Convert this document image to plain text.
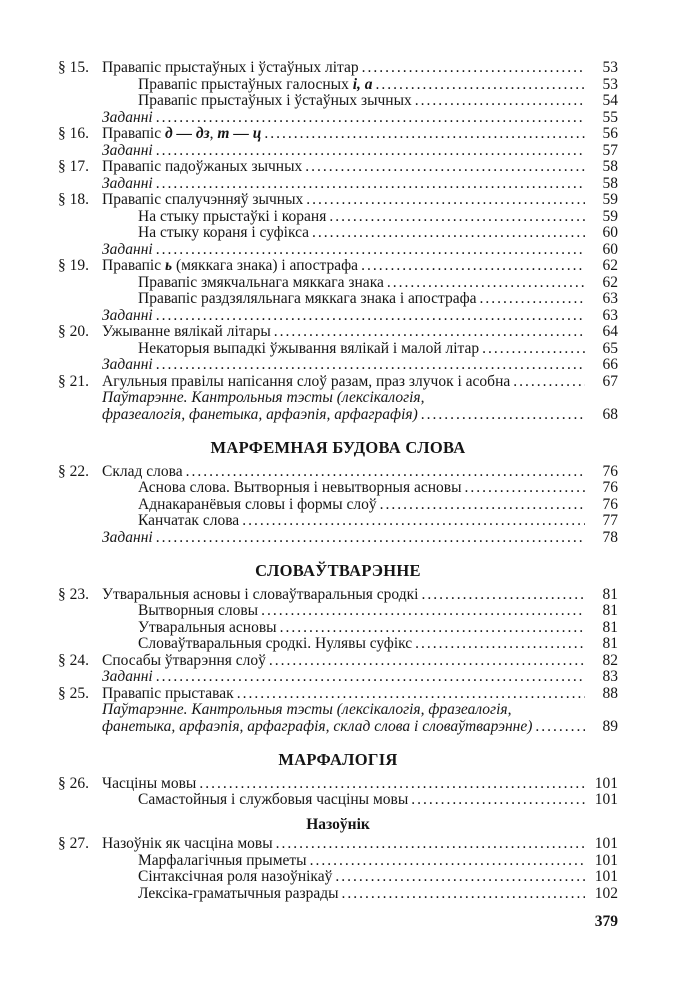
§ 15. Правапіс прыстаўных і ўстаўных літар .....	53
Правапіс прыстаўных галосных і, а .....	53
Правапіс прыстаўных і ўстаўных зычных .....	54
Заданні .....	55
§ 16. Правапіс д — дз, т — ц .....	56
Заданні .....	57
§ 17. Правапіс падоўжаных зычных .....	58
Заданні .....	58
§ 18. Правапіс спалучэнняў зычных .....	59
На стыку прыстаўкі і кораня .....	59
На стыку кораня і суфікса .....	60
Заданні .....	60
§ 19. Правапіс ь (мяккага знака) і апострафа .....	62
Правапіс змякчальнага мяккага знака .....	62
Правапіс раздзяляльнага мяккага знака і апострафа .....	63
Заданні .....	63
§ 20. Ужыванне вялікай літары .....	64
Некаторыя выпадкі ўжывання вялікай і малой літар .....	65
Заданні .....	66
§ 21. Агульныя правілы напісання слоў разам, праз злучок і асобна .....	67
Паўтарэнне. Кантрольныя тэсты (лексікалогія,
фразеалогія, фанетыка, арфаэпія, арфаграфія) .....	68
МАРФЕМНАЯ БУДОВА СЛОВА
§ 22. Склад слова .....	76
Аснова слова. Вытворныя і невытворныя асновы .....	76
Аднакаранёвыя словы і формы слоў .....	76
Канчатак слова .....	77
Заданні .....	78
СЛОВАЎТВАРЭННЕ
§ 23. Утваральныя асновы і словаўтваральныя сродкі .....	81
Вытворныя словы .....	81
Утваральныя асновы .....	81
Словаўтваральныя сродкі. Нулявы суфікс .....	81
§ 24. Спосабы ўтварэння слоў .....	82
Заданні .....	83
§ 25. Правапіс прыставак .....	88
Паўтарэнне. Кантрольныя тэсты (лексікалогія, фразеалогія,
фанетыка, арфаэпія, арфаграфія, склад слова і словаўтварэнне) .....	89
МАРФАЛОГІЯ
§ 26. Часціны мовы .....	101
Самастойныя і службовыя часціны мовы .....	101
Назоўнік
§ 27. Назоўнік як часціна мовы .....	101
Марфалагічныя прыметы .....	101
Сінтаксічная роля назоўнікаў .....	101
Лексіка-граматычныя разрады .....	102
379
